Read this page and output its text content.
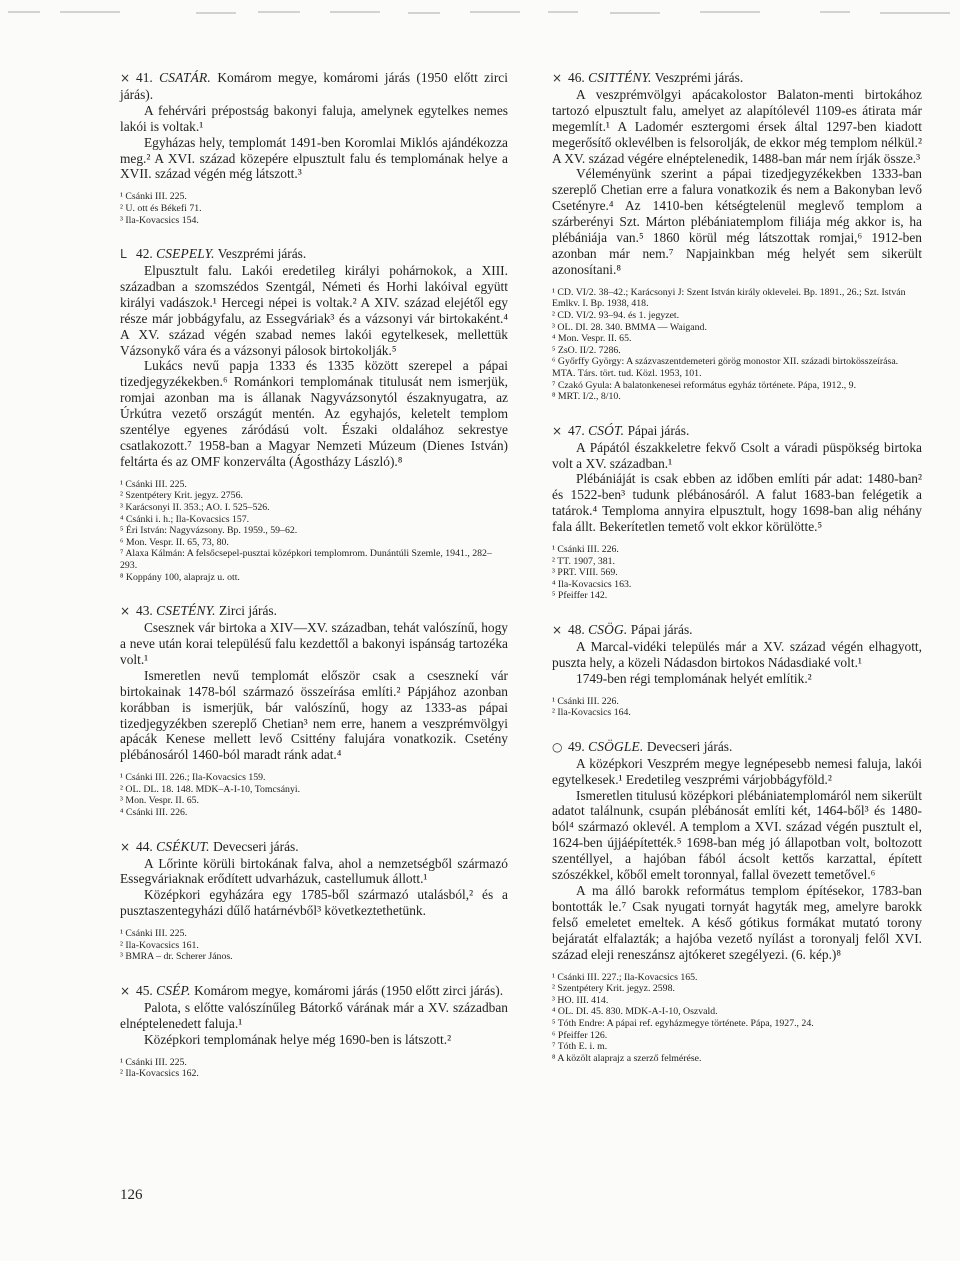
× 41. CSATÁR. Komárom megye, komáromi járás (1950 előtt zirci járás).

A fehérvári prépostság bakonyi faluja, amelynek egytelkes nemes lakói is voltak.¹

Egyházas hely, templomát 1491-ben Koromlai Miklós ajándékozza meg.² A XVI. század közepére elpusztult falu és templomának helye a XVII. század végén még látszott.³

¹ Csánki III. 225.
² U. ott és Békefi 71.
³ Ila-Kovacsics 154.

L 42. CSEPELY. Veszprémi járás.

Elpusztult falu. Lakói eredetileg királyi pohárnokok, a XIII. században a szomszédos Szentgál, Németi és Horhi lakóival együtt királyi vadászok.¹ Hercegi népei is voltak.² A XIV. század elejétől egy része már jobbágyfalu, az Essegváriak³ és a vázsonyi vár birtokaként.⁴ A XV. század végén szabad nemes lakói egytelkesek, mellettük Vázsonykő vára és a vázsonyi pálosok birtokolják.⁵

Lukács nevű papja 1333 és 1335 között szerepel a pápai tizedjegyzékekben.⁶ Románkori templomának titulusát nem ismerjük, romjai azonban ma is állanak Nagyvázsonytól északnyugatra, az Úrkútra vezető országút mentén. Az egyhajós, keletelt templom szentélye egyenes záródású volt. Északi oldalához sekrestye csatlakozott.⁷ 1958-ban a Magyar Nemzeti Múzeum (Dienes István) feltárta és az OMF konzerválta (Ágostházy László).⁸

¹ Csánki III. 225.
² Szentpétery Krit. jegyz. 2756.
³ Karácsonyi II. 353.; AO. I. 525–526.
⁴ Csánki i. h.; Ila-Kovacsics 157.
⁵ Éri István: Nagyvázsony. Bp. 1959., 59–62.
⁶ Mon. Vespr. II. 65, 73, 80.
⁷ Alaxa Kálmán: A felsőcsepel-pusztai középkori templomrom. Dunántúli Szemle, 1941., 282–293.
⁸ Koppány 100, alaprajz u. ott.

× 43. CSETÉNY. Zirci járás.

Csesznek vár birtoka a XIV—XV. században, tehát valószínű, hogy a neve után korai településű falu kezdettől a bakonyi ispánság tartozéka volt.¹

Ismeretlen nevű templomát először csak a csesznekí vár birtokainak 1478-ból származó összeírása említi.² Pápjához azonban korábban is ismerjük, bár valószínű, hogy az 1333-as pápai tizedjegyzékben szereplő Chetian³ nem erre, hanem a veszprémvölgyi apácák Kenese mellett levő Csittény falujára vonatkozik. Csetény plébánosáról 1460-ból maradt ránk adat.⁴

¹ Csánki III. 226.; Ila-Kovacsics 159.
² OL. DL. 18. 148. MDK–A-I-10, Tomcsányi.
³ Mon. Vespr. II. 65.
⁴ Csánki III. 226.

× 44. CSÉKUT. Devecseri járás.

A Lőrinte körüli birtokának falva, ahol a nemzetségből származó Essegváriaknak erődített udvarházuk, castellumuk állott.¹

Középkori egyházára egy 1785-ből származó utalásból,² és a pusztaszentegyházi dűlő határnévből³ következtethetünk.

¹ Csánki III. 225.
² Ila-Kovacsics 161.
³ BMRA – dr. Scherer János.

× 45. CSÉP. Komárom megye, komáromi járás (1950 előtt zirci járás).

Palota, s előtte valószínűleg Bátorkő várának már a XV. században elnéptelenedett faluja.¹

Középkori templomának helye még 1690-ben is látszott.²

¹ Csánki III. 225.
² Ila-Kovacsics 162.

× 46. CSITTÉNY. Veszprémi járás.

A veszprémvölgyi apácakolostor Balaton-menti birtokához tartozó elpusztult falu, amelyet az alapítólevél 1109-es átirata már megemlít.¹ A Ladomér esztergomi érsek által 1297-ben kiadott megerősítő oklevélben is felsorolják, de ekkor még templom nélkül.² A XV. század végére elnéptelenedik, 1488-ban már nem írják össze.³

Véleményünk szerint a pápai tizedjegyzékekben 1333-ban szereplő Chetian erre a falura vonatkozik és nem a Bakonyban levő Csetényre.⁴ Az 1410-ben kétségtelenül meglevő templom a szárberényi Szt. Márton plébániatemplom filiája még akkor is, ha plébániája van.⁵ 1860 körül még látszottak romjai,⁶ 1912-ben azonban már nem.⁷ Napjainkban még helyét sem sikerült azonosítani.⁸

¹ CD. VI/2. 38–42.; Karácsonyi J: Szent István király oklevelei. Bp. 1891., 26.; Szt. István Emlkv. I. Bp. 1938, 418.
² CD. VI/2. 93–94. és 1. jegyzet.
³ OL. DI. 28. 340. BMMA — Waigand.
⁴ Mon. Vespr. II. 65.
⁵ ZsO. II/2. 7286.
⁶ Győrffy György: A százvaszentdemeteri görög monostor XII. századi birtokösszeírása. MTA. Társ. tört. tud. Közl. 1953, 101.
⁷ Czakó Gyula: A balatonkenesei református egyház története. Pápa, 1912., 9.
⁸ MRT. I/2., 8/10.

× 47. CSÓT. Pápai járás.

A Pápától északkeletre fekvő Csolt a váradi püspökség birtoka volt a XV. században.¹

Plébániáját is csak ebben az időben említi pár adat: 1480-ban² és 1522-ben³ tudunk plébánosáról. A falut 1683-ban felégetik a tatárok.⁴ Temploma annyira elpusztult, hogy 1698-ban alig néhány fala állt. Bekerítetlen temető volt ekkor körülötte.⁵

¹ Csánki III. 226.
² TT. 1907, 381.
³ PRT. VIII. 569.
⁴ Ila-Kovacsics 163.
⁵ Pfeiffer 142.

× 48. CSÖG. Pápai járás.

A Marcal-vidéki település már a XV. század végén elhagyott, puszta hely, a közeli Nádasdon birtokos Nádasdiaké volt.¹

1749-ben régi templomának helyét említik.²

¹ Csánki III. 226.
² Ila-Kovacsics 164.

○ 49. CSÖGLE. Devecseri járás.

A középkori Veszprém megye legnépesebb nemesi faluja, lakói egytelkesek.¹ Eredetileg veszprémi várjobbágyföld.²

Ismeretlen titulusú középkori plébániatemplomáról nem sikerült adatot találnunk, csupán plébánosát említi két, 1464-ből³ és 1480-ból⁴ származó oklevél. A templom a XVI. század végén pusztult el, 1624-ben újjáépítették.⁵ 1698-ban még jó állapotban volt, boltozott szentéllyel, a hajóban fából ácsolt kettős karzattal, épített szószékkel, kőből emelt toronnyal, fallal övezett temetővel.⁶

A ma álló barokk református templom építésekor, 1783-ban bontották le.⁷ Csak nyugati tornyát hagyták meg, amelyre barokk felső emeletet emeltek. A késő gótikus formákat mutató torony bejáratát elfalazták; a hajóba vezető nyílást a toronyalj felől XVI. század eleji reneszánsz ajtókeret szegélyezi. (6. kép.)⁸

¹ Csánki III. 227.; Ila-Kovacsics 165.
² Szentpétery Krit. jegyz. 2598.
³ HO. III. 414.
⁴ OL. DI. 45. 830. MDK-A-I-10, Oszvald.
⁵ Tóth Endre: A pápai ref. egyházmegye története. Pápa, 1927., 24.
⁶ Pfeiffer 126.
⁷ Tóth E. i. m.
⁸ A közölt alaprajz a szerző felmérése.
126
